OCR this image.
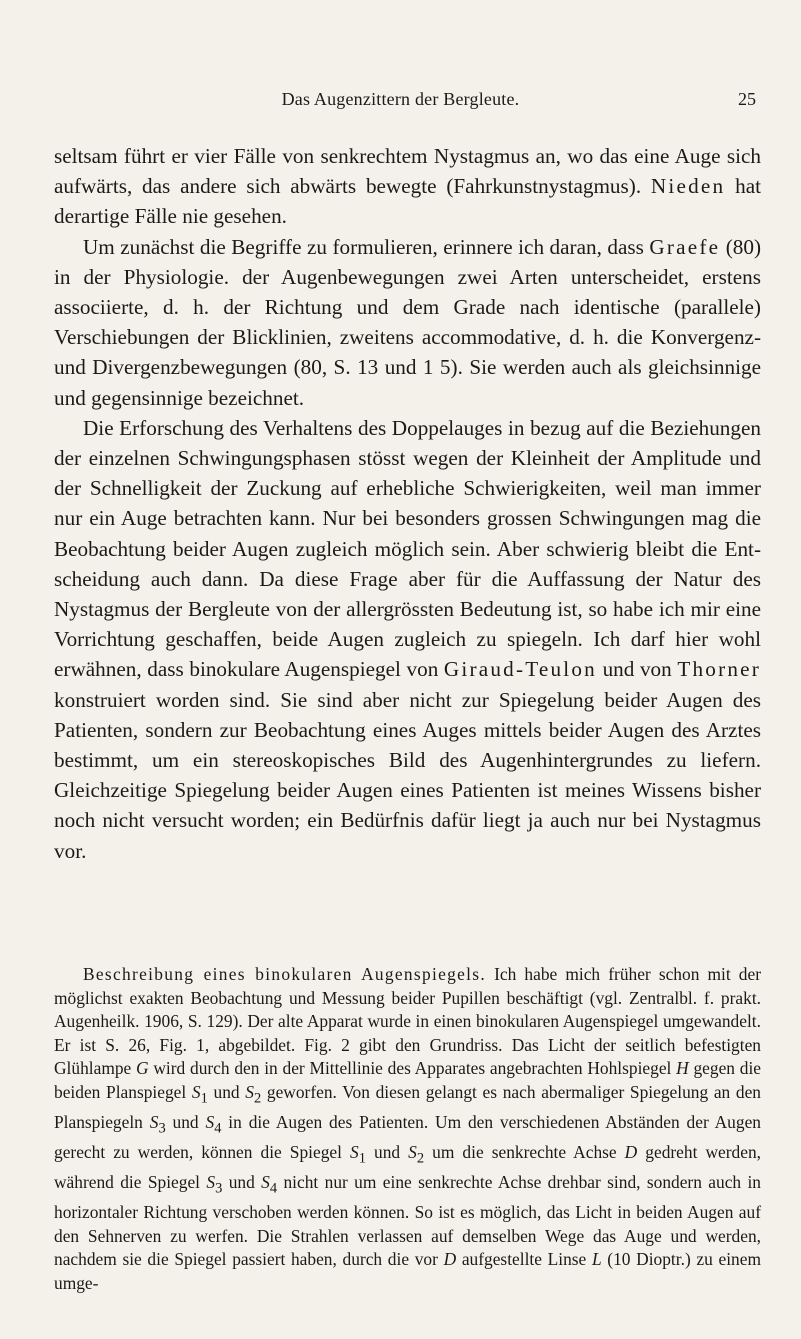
Das Augenzittern der Bergleute.	25

seltsam führt er vier Fälle von senkrechtem Nystagmus an, wo das eine Auge sich aufwärts, das andere sich abwärts bewegte (Fahrkunstnystagmus). Nieden hat derartige Fälle nie gesehen.

Um zunächst die Begriffe zu formulieren, erinnere ich daran, dass Graefe (80) in der Physiologie. der Augenbewegungen zwei Arten unterscheidet, erstens associierte, d. h. der Richtung und dem Grade nach identische (parallele) Verschiebungen der Blicklinien, zweitens accommodative, d. h. die Konvergenz- und Divergenzbewegungen (80, S. 13 und 1 5). Sie werden auch als gleichsinnige und gegensinnige bezeichnet.

Die Erforschung des Verhaltens des Doppelauges in bezug auf die Beziehungen der einzelnen Schwingungsphasen stösst wegen der Kleinheit der Amplitude und der Schnelligkeit der Zuckung auf erhebliche Schwierigkeiten, weil man immer nur ein Auge betrachten kann. Nur bei besonders grossen Schwingungen mag die Beobachtung beider Augen zugleich möglich sein. Aber schwierig bleibt die Entscheidung auch dann. Da diese Frage aber für die Auffassung der Natur des Nystagmus der Bergleute von der allergrössten Bedeutung ist, so habe ich mir eine Vorrichtung geschaffen, beide Augen zugleich zu spiegeln. Ich darf hier wohl erwähnen, dass binokulare Augenspiegel von Giraud-Teulon und von Thorner konstruiert worden sind. Sie sind aber nicht zur Spiegelung beider Augen des Patienten, sondern zur Beobachtung eines Auges mittels beider Augen des Arztes bestimmt, um ein stereoskopisches Bild des Augenhintergrundes zu liefern. Gleichzeitige Spiegelung beider Augen eines Patienten ist meines Wissens bisher noch nicht versucht worden; ein Bedürfnis dafür liegt ja auch nur bei Nystagmus vor.

Beschreibung eines binokularen Augenspiegels. Ich habe mich früher schon mit der möglichst exakten Beobachtung und Messung beider Pupillen beschäftigt (vgl. Zentralbl. f. prakt. Augenheilk. 1906, S. 129). Der alte Apparat wurde in einen binokularen Augenspiegel umgewandelt. Er ist S. 26, Fig. 1, abgebildet. Fig. 2 gibt den Grundriss. Das Licht der seitlich befestigten Glühlampe G wird durch den in der Mittellinie des Apparates angebrachten Hohlspiegel H gegen die beiden Planspiegel $S_1$ und $S_2$ geworfen. Von diesen gelangt es nach abermaliger Spiegelung an den Planspiegeln $S_3$ und $S_4$ in die Augen des Patienten. Um den verschiedenen Abständen der Augen gerecht zu werden, können die Spiegel $S_1$ und $S_2$ um die senkrechte Achse D gedreht werden, während die Spiegel $S_3$ und $S_4$ nicht nur um eine senkrechte Achse drehbar sind, sondern auch in horizontaler Richtung verschoben werden können. So ist es möglich, das Licht in beiden Augen auf den Sehnerven zu werfen. Die Strahlen verlassen auf demselben Wege das Auge und werden, nachdem sie die Spiegel passiert haben, durch die vor D aufgestellte Linse L (10 Dioptr.) zu einem umge-
